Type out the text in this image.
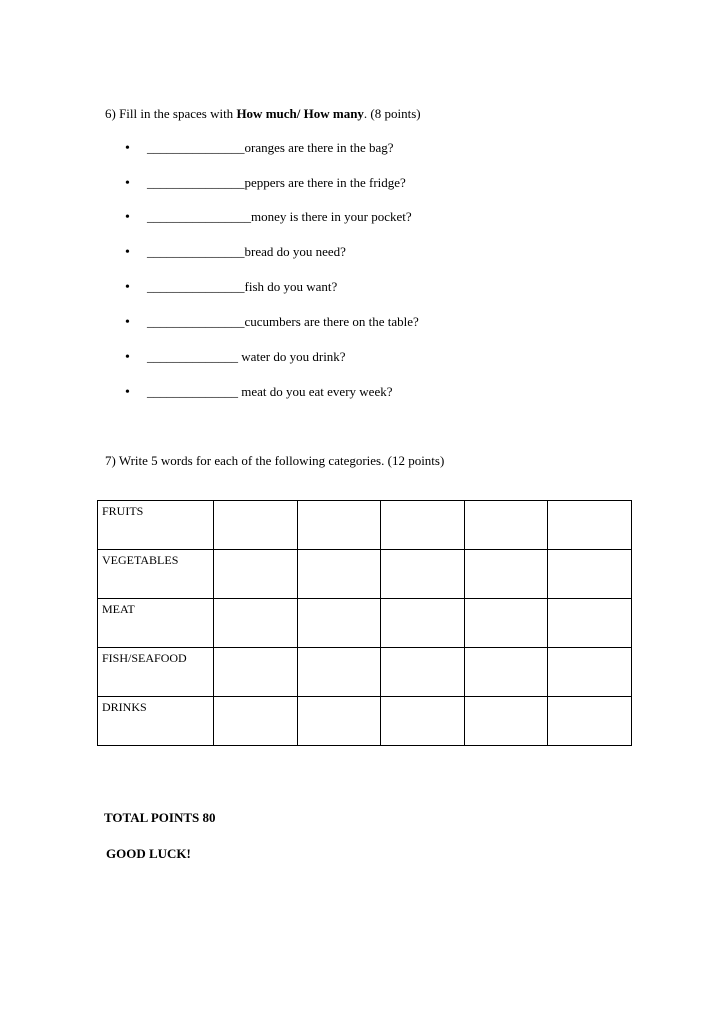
6) Fill in the spaces with How much/ How many. (8 points)
• _______________oranges are there in the bag?
• _______________peppers are there in the fridge?
• ________________money is there in your pocket?
• _______________bread do you need?
• _______________fish do you want?
• _______________cucumbers are there on the table?
• ______________ water do you drink?
• ______________ meat do you eat every week?
7) Write 5 words for each of the following categories. (12 points)
FRUITS					
VEGETABLES					
MEAT					
FISH/SEAFOOD					
DRINKS					
TOTAL POINTS 80
GOOD LUCK!
